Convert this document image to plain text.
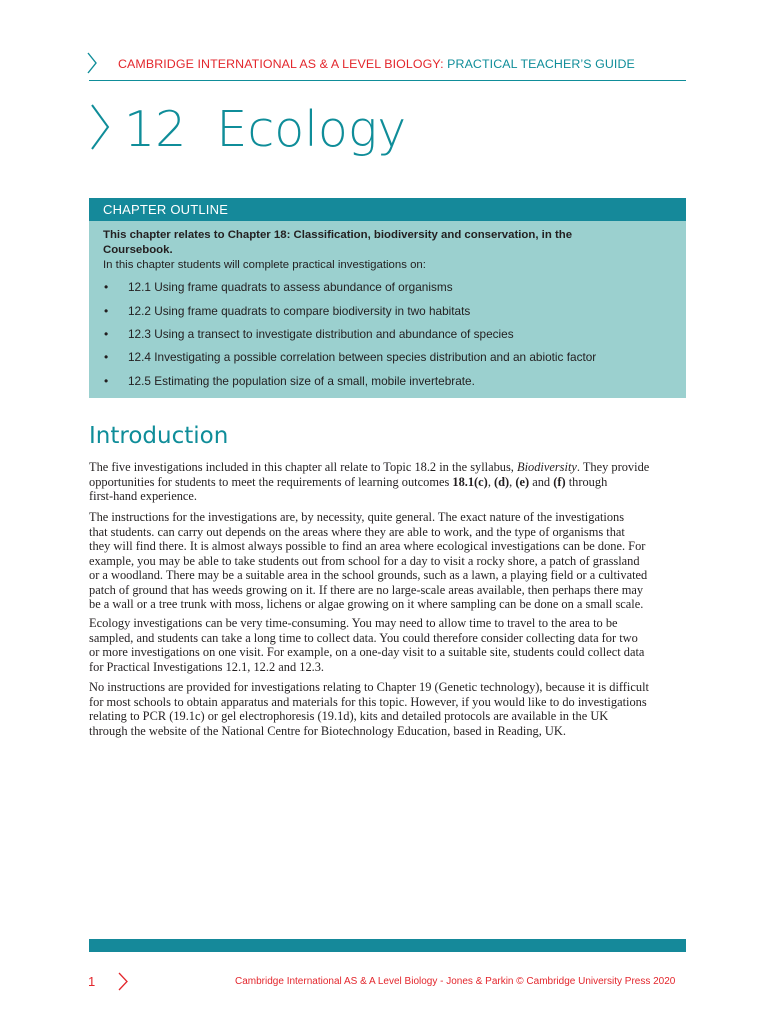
CAMBRIDGE INTERNATIONAL AS & A LEVEL BIOLOGY: PRACTICAL TEACHER’S GUIDE
12 Ecology
CHAPTER OUTLINE
This chapter relates to Chapter 18: Classification, biodiversity and conservation, in the
Coursebook.
In this chapter students will complete practical investigations on:
• 12.1 Using frame quadrats to assess abundance of organisms
• 12.2 Using frame quadrats to compare biodiversity in two habitats
• 12.3 Using a transect to investigate distribution and abundance of species
• 12.4 Investigating a possible correlation between species distribution and an abiotic factor
• 12.5 Estimating the population size of a small, mobile invertebrate.
Introduction
The five investigations included in this chapter all relate to Topic 18.2 in the syllabus, Biodiversity. They provide
opportunities for students to meet the requirements of learning outcomes 18.1(c), (d), (e) and (f) through
first-hand experience.
The instructions for the investigations are, by necessity, quite general. The exact nature of the investigations
that students. can carry out depends on the areas where they are able to work, and the type of organisms that
they will find there. It is almost always possible to find an area where ecological investigations can be done. For
example, you may be able to take students out from school for a day to visit a rocky shore, a patch of grassland
or a woodland. There may be a suitable area in the school grounds, such as a lawn, a playing field or a cultivated
patch of ground that has weeds growing on it. If there are no large-scale areas available, then perhaps there may
be a wall or a tree trunk with moss, lichens or algae growing on it where sampling can be done on a small scale.
Ecology investigations can be very time-consuming. You may need to allow time to travel to the area to be
sampled, and students can take a long time to collect data. You could therefore consider collecting data for two
or more investigations on one visit. For example, on a one-day visit to a suitable site, students could collect data
for Practical Investigations 12.1, 12.2 and 12.3.
No instructions are provided for investigations relating to Chapter 19 (Genetic technology), because it is difficult
for most schools to obtain apparatus and materials for this topic. However, if you would like to do investigations
relating to PCR (19.1c) or gel electrophoresis (19.1d), kits and detailed protocols are available in the UK
through the website of the National Centre for Biotechnology Education, based in Reading, UK.
1	Cambridge International AS & A Level Biology - Jones & Parkin © Cambridge University Press 2020
